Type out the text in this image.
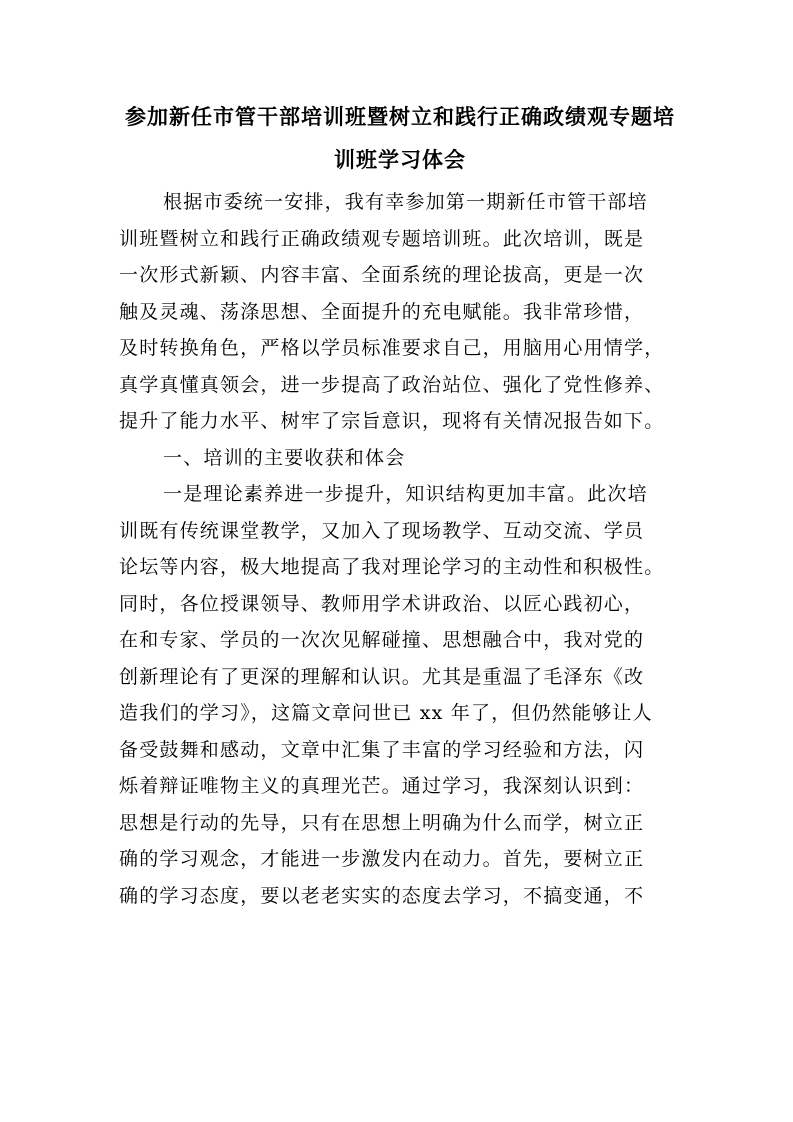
参加新任市管干部培训班暨树立和践行正确政绩观专题培
训班学习体会
根据市委统一安排，我有幸参加第一期新任市管干部培
训班暨树立和践行正确政绩观专题培训班。此次培训，既是
一次形式新颖、内容丰富、全面系统的理论拔高，更是一次
触及灵魂、荡涤思想、全面提升的充电赋能。我非常珍惜，
及时转换角色，严格以学员标准要求自己，用脑用心用情学，
真学真懂真领会，进一步提高了政治站位、强化了党性修养、
提升了能力水平、树牢了宗旨意识，现将有关情况报告如下。
一、培训的主要收获和体会
一是理论素养进一步提升，知识结构更加丰富。此次培
训既有传统课堂教学，又加入了现场教学、互动交流、学员
论坛等内容，极大地提高了我对理论学习的主动性和积极性。
同时，各位授课领导、教师用学术讲政治、以匠心践初心，
在和专家、学员的一次次见解碰撞、思想融合中，我对党的
创新理论有了更深的理解和认识。尤其是重温了毛泽东《改
造我们的学习》，这篇文章问世已 xx 年了，但仍然能够让人
备受鼓舞和感动，文章中汇集了丰富的学习经验和方法，闪
烁着辩证唯物主义的真理光芒。通过学习，我深刻认识到：
思想是行动的先导，只有在思想上明确为什么而学，树立正
确的学习观念，才能进一步激发内在动力。首先，要树立正
确的学习态度，要以老老实实的态度去学习，不搞变通，不
